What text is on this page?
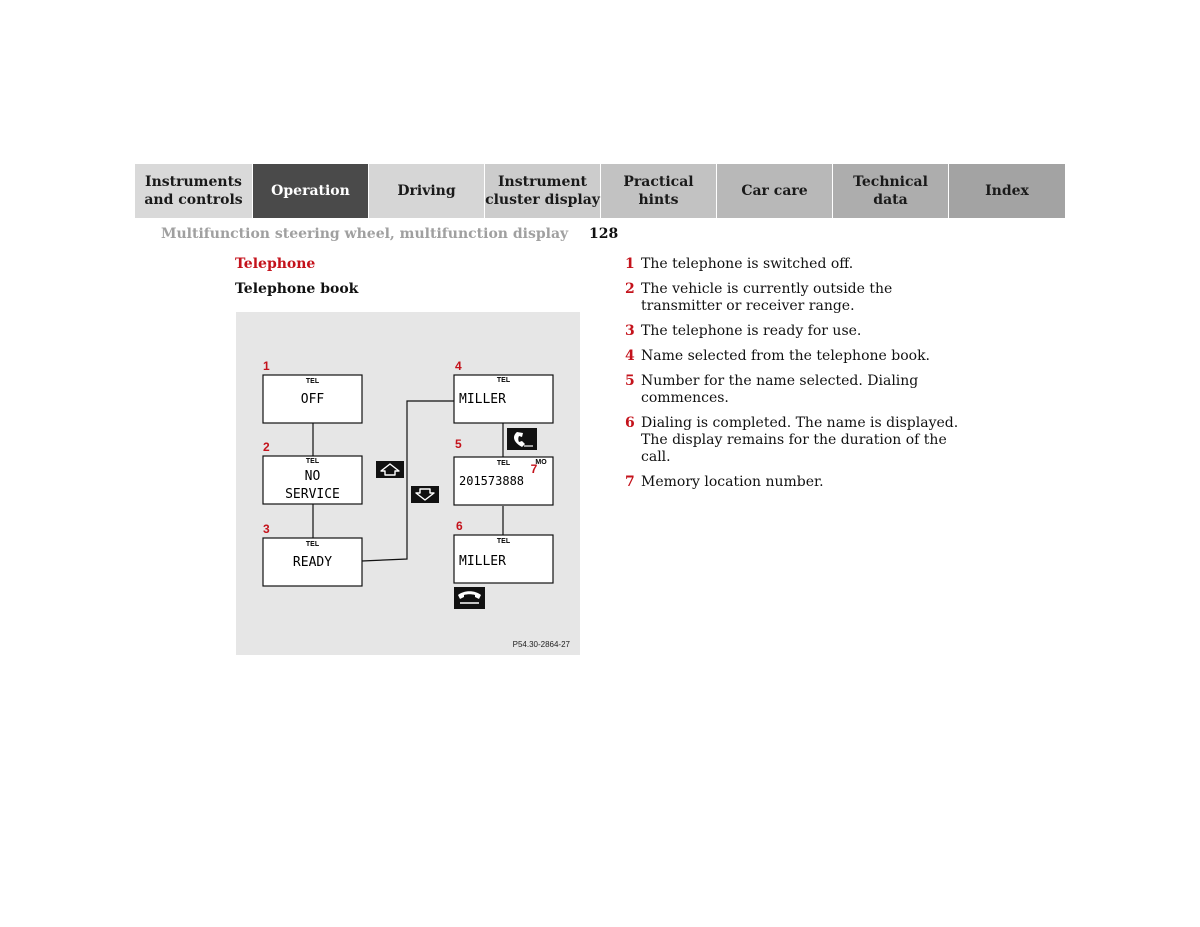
Instruments
and controls
Operation	Driving
Instrument
cluster display
Practical hints
Car care
Technical
data
Index
Multifunction steering wheel, multifunction display 128
Telephone
Telephone book
1
TEL
OFF
2
TEL
NO
SERVICE
3
TEL
READY
4
TEL
MILLER
5
TEL	MO
7
201573888
6
TEL
MILLER
P54.30-2864-27
1 The telephone is switched off.
2 The vehicle is currently outside the transmitter or receiver range.
3 The telephone is ready for use.
4 Name selected from the telephone book.
5 Number for the name selected. Dialing commences.
6 Dialing is completed. The name is displayed. The display remains for the duration of the call.
7 Memory location number.
